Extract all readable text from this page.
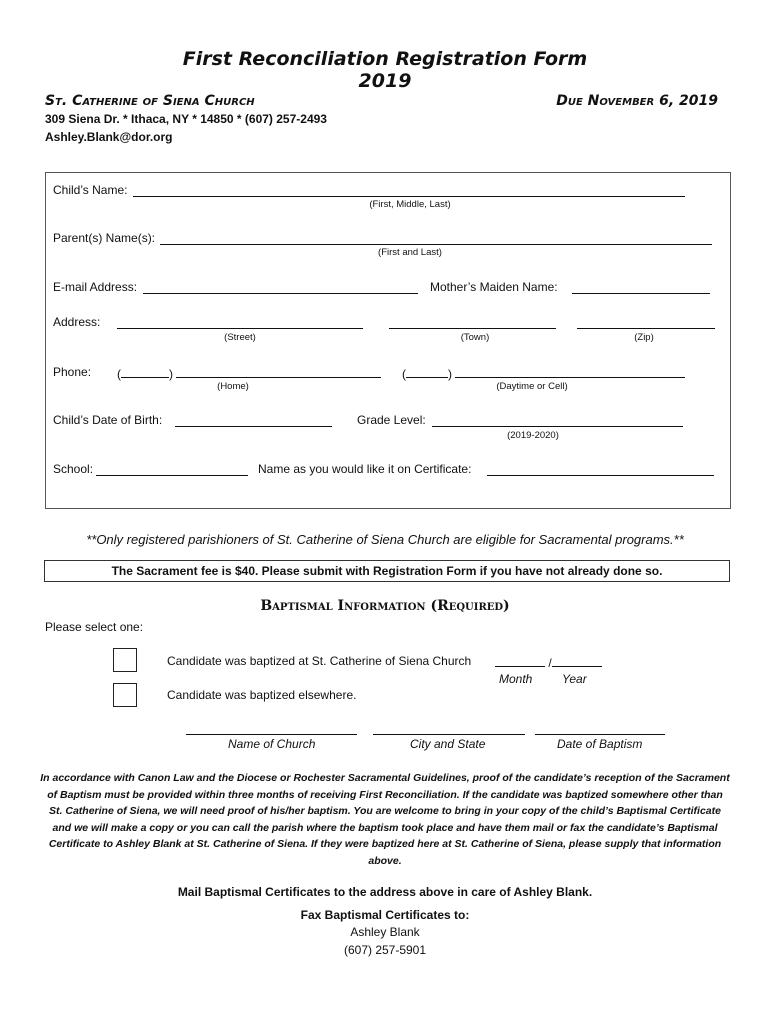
First Reconciliation Registration Form
2019
St. Catherine of Siena Church	Due November 6, 2019
309 Siena Dr. * Ithaca, NY * 14850 * (607) 257-2493
Ashley.Blank@dor.org
Child’s Name:
(First, Middle, Last)
Parent(s) Name(s):
(First and Last)
E-mail Address:	Mother’s Maiden Name:
Address:
(Street)	(Town)	(Zip)
Phone: (	)	(	)
(Home)	(Daytime or Cell)
Child’s Date of Birth:	Grade Level:
(2019-2020)
School:	Name as you would like it on Certificate:
**Only registered parishioners of St. Catherine of Siena Church are eligible for Sacramental programs.**
The Sacrament fee is $40. Please submit with Registration Form if you have not already done so.
Baptismal Information (Required)
Please select one:
Candidate was baptized at St. Catherine of Siena Church	/
Month Year
Candidate was baptized elsewhere.
Name of Church	City and State	Date of Baptism
In accordance with Canon Law and the Diocese or Rochester Sacramental Guidelines, proof of the candidate’s reception of the Sacrament of Baptism must be provided within three months of receiving First Reconciliation. If the candidate was baptized somewhere other than St. Catherine of Siena, we will need proof of his/her baptism. You are welcome to bring in your copy of the child’s Baptismal Certificate and we will make a copy or you can call the parish where the baptism took place and have them mail or fax the candidate’s Baptismal Certificate to Ashley Blank at St. Catherine of Siena. If they were baptized here at St. Catherine of Siena, please supply that information above.
Mail Baptismal Certificates to the address above in care of Ashley Blank.
Fax Baptismal Certificates to:
Ashley Blank
(607) 257-5901
